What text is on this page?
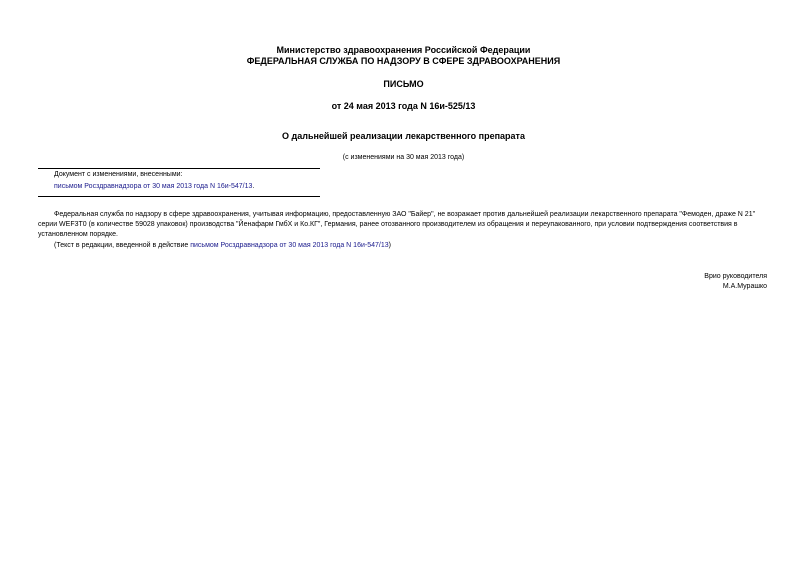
Министерство здравоохранения Российской Федерации
ФЕДЕРАЛЬНАЯ СЛУЖБА ПО НАДЗОРУ В СФЕРЕ ЗДРАВООХРАНЕНИЯ
ПИСЬМО
от 24 мая 2013 года N 16и-525/13
О дальнейшей реализации лекарственного препарата
(с изменениями на 30 мая 2013 года)
Документ с изменениями, внесенными:
письмом Росздравнадзора от 30 мая 2013 года N 16и-547/13.

Федеральная служба по надзору в сфере здравоохранения, учитывая информацию, предоставленную ЗАО "Байер", не возражает против дальнейшей реализации лекарственного препарата "Фемоден, драже N 21" серии WEF3T0 (в количестве 59028 упаковок) производства "Йенафарм ГмбХ и Ко.КГ", Германия, ранее отозванного производителем из обращения и переупакованного, при условии подтверждения соответствия в установленном порядке.

(Текст в редакции, введенной в действие письмом Росздравнадзора от 30 мая 2013 года N 16и-547/13)

Врио руководителя
М.А.Мурашко
